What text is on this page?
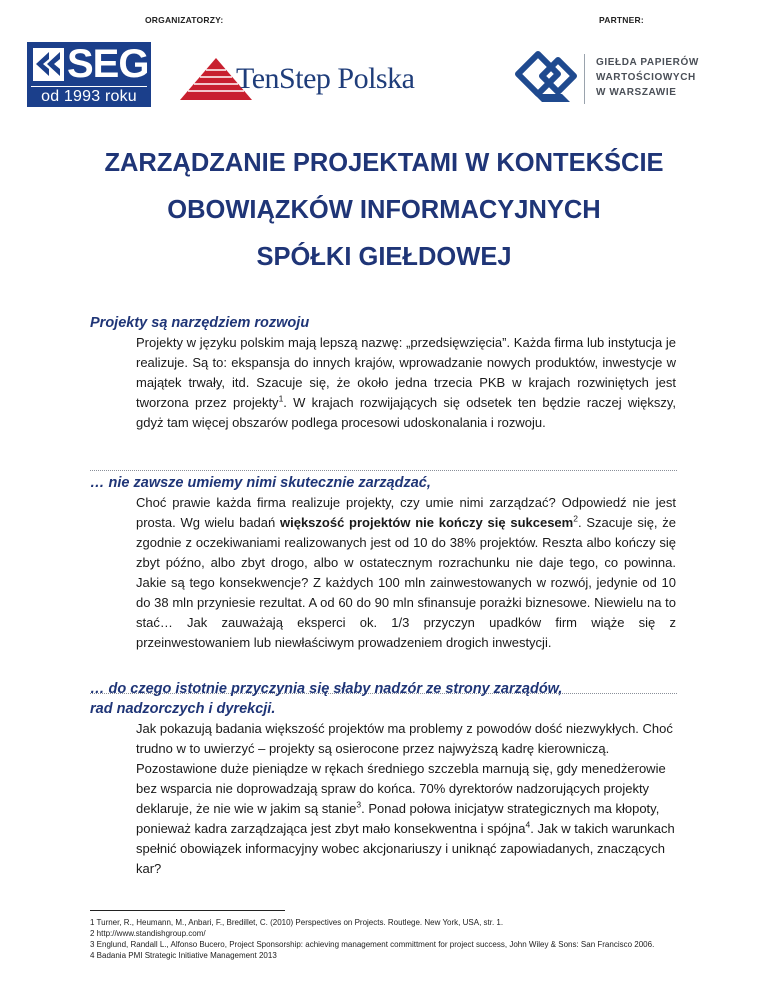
ORGANIZATORZY:	PARTNER:
SEG
od 1993 roku
TenStep Polska	GIEŁDA PAPIERÓW
WARTOŚCIOWYCH
W WARSZAWIE
ZARZĄDZANIE PROJEKTAMI W KONTEKŚCIE
OBOWIĄZKÓW INFORMACYJNYCH
SPÓŁKI GIEŁDOWEJ
Projekty są narzędziem rozwoju
Projekty w języku polskim mają lepszą nazwę: „przedsięwzięcia”. Każda firma lub instytucja je realizuje. Są to: ekspansja do innych krajów, wprowadzanie nowych produktów, inwestycje w majątek trwały, itd. Szacuje się, że około jedna trzecia PKB w krajach rozwiniętych jest tworzona przez projekty$^1$. W krajach rozwijających się odsetek ten będzie raczej większy, gdyż tam więcej obszarów podlega procesowi udoskonalania i rozwoju.
… nie zawsze umiemy nimi skutecznie zarządzać,
Choć prawie każda firma realizuje projekty, czy umie nimi zarządzać? Odpowiedź nie jest prosta. Wg wielu badań większość projektów nie kończy się sukcesem$^2$. Szacuje się, że zgodnie z oczekiwaniami realizowanych jest od 10 do 38% projektów. Reszta albo kończy się zbyt późno, albo zbyt drogo, albo w ostatecznym rozrachunku nie daje tego, co powinna. Jakie są tego konsekwencje? Z każdych 100 mln zainwestowanych w rozwój, jedynie od 10 do 38 mln przyniesie rezultat. A od 60 do 90 mln sfinansuje porażki biznesowe. Niewielu na to stać… Jak zauważają eksperci ok. 1/3 przyczyn upadków firm wiąże się z przeinwestowaniem lub niewłaściwym prowadzeniem drogich inwestycji.
… do czego istotnie przyczynia się słaby nadzór ze strony zarządów,
rad nadzorczych i dyrekcji.
Jak pokazują badania większość projektów ma problemy z powodów dość niezwykłych. Choć trudno w to uwierzyć – projekty są osierocone przez najwyższą kadrę kierowniczą. Pozostawione duże pieniądze w rękach średniego szczebla marnują się, gdy menedżerowie bez wsparcia nie doprowadzają spraw do końca. 70% dyrektorów nadzorujących projekty deklaruje, że nie wie w jakim są stanie$^3$. Ponad połowa inicjatyw strategicznych ma kłopoty, ponieważ kadra zarządzająca jest zbyt mało konsekwentna i spójna$^4$. Jak w takich warunkach spełnić obowiązek informacyjny wobec akcjonariuszy i uniknąć zapowiadanych, znaczących kar?
1 Turner, R., Heumann, M., Anbari, F., Bredillet, C. (2010) Perspectives on Projects. Routlege. New York, USA, str. 1.
2 http://www.standishgroup.com/
3 Englund, Randall L., Alfonso Bucero, Project Sponsorship: achieving management committment for project success, John Wiley & Sons: San Francisco 2006.
4 Badania PMI Strategic Initiative Management 2013
